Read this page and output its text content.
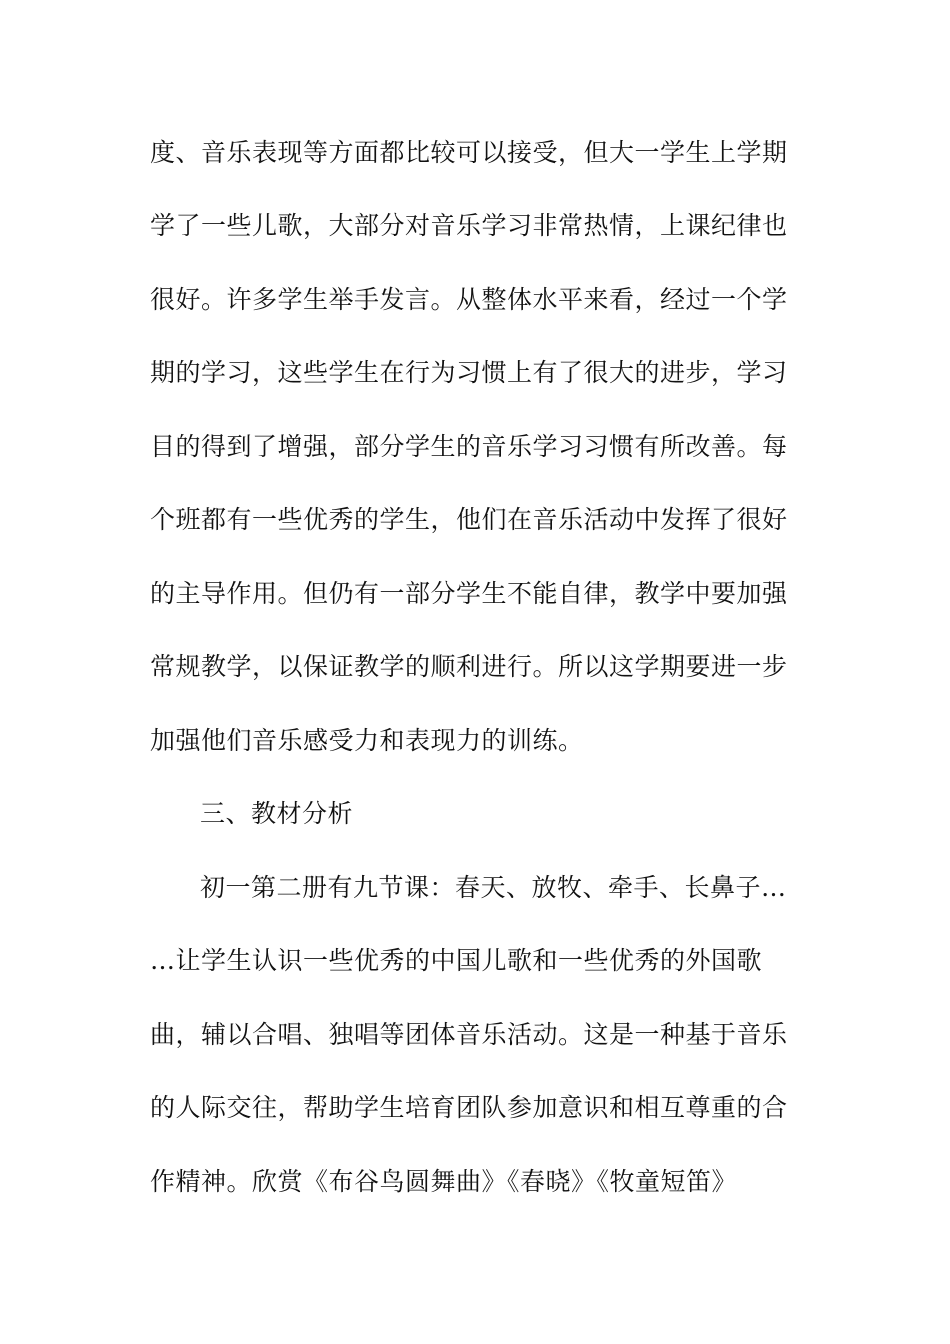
度、音乐表现等方面都比较可以接受，但大一学生上学期
学了一些儿歌，大部分对音乐学习非常热情，上课纪律也
很好。许多学生举手发言。从整体水平来看，经过一个学
期的学习，这些学生在行为习惯上有了很大的进步，学习
目的得到了增强，部分学生的音乐学习习惯有所改善。每
个班都有一些优秀的学生，他们在音乐活动中发挥了很好
的主导作用。但仍有一部分学生不能自律，教学中要加强
常规教学，以保证教学的顺利进行。所以这学期要进一步
加强他们音乐感受力和表现力的训练。
三、教材分析
初一第二册有九节课：春天、放牧、牵手、长鼻子…
…让学生认识一些优秀的中国儿歌和一些优秀的外国歌
曲，辅以合唱、独唱等团体音乐活动。这是一种基于音乐
的人际交往，帮助学生培育团队参加意识和相互尊重的合
作精神。欣赏《布谷鸟圆舞曲》《春晓》《牧童短笛》
